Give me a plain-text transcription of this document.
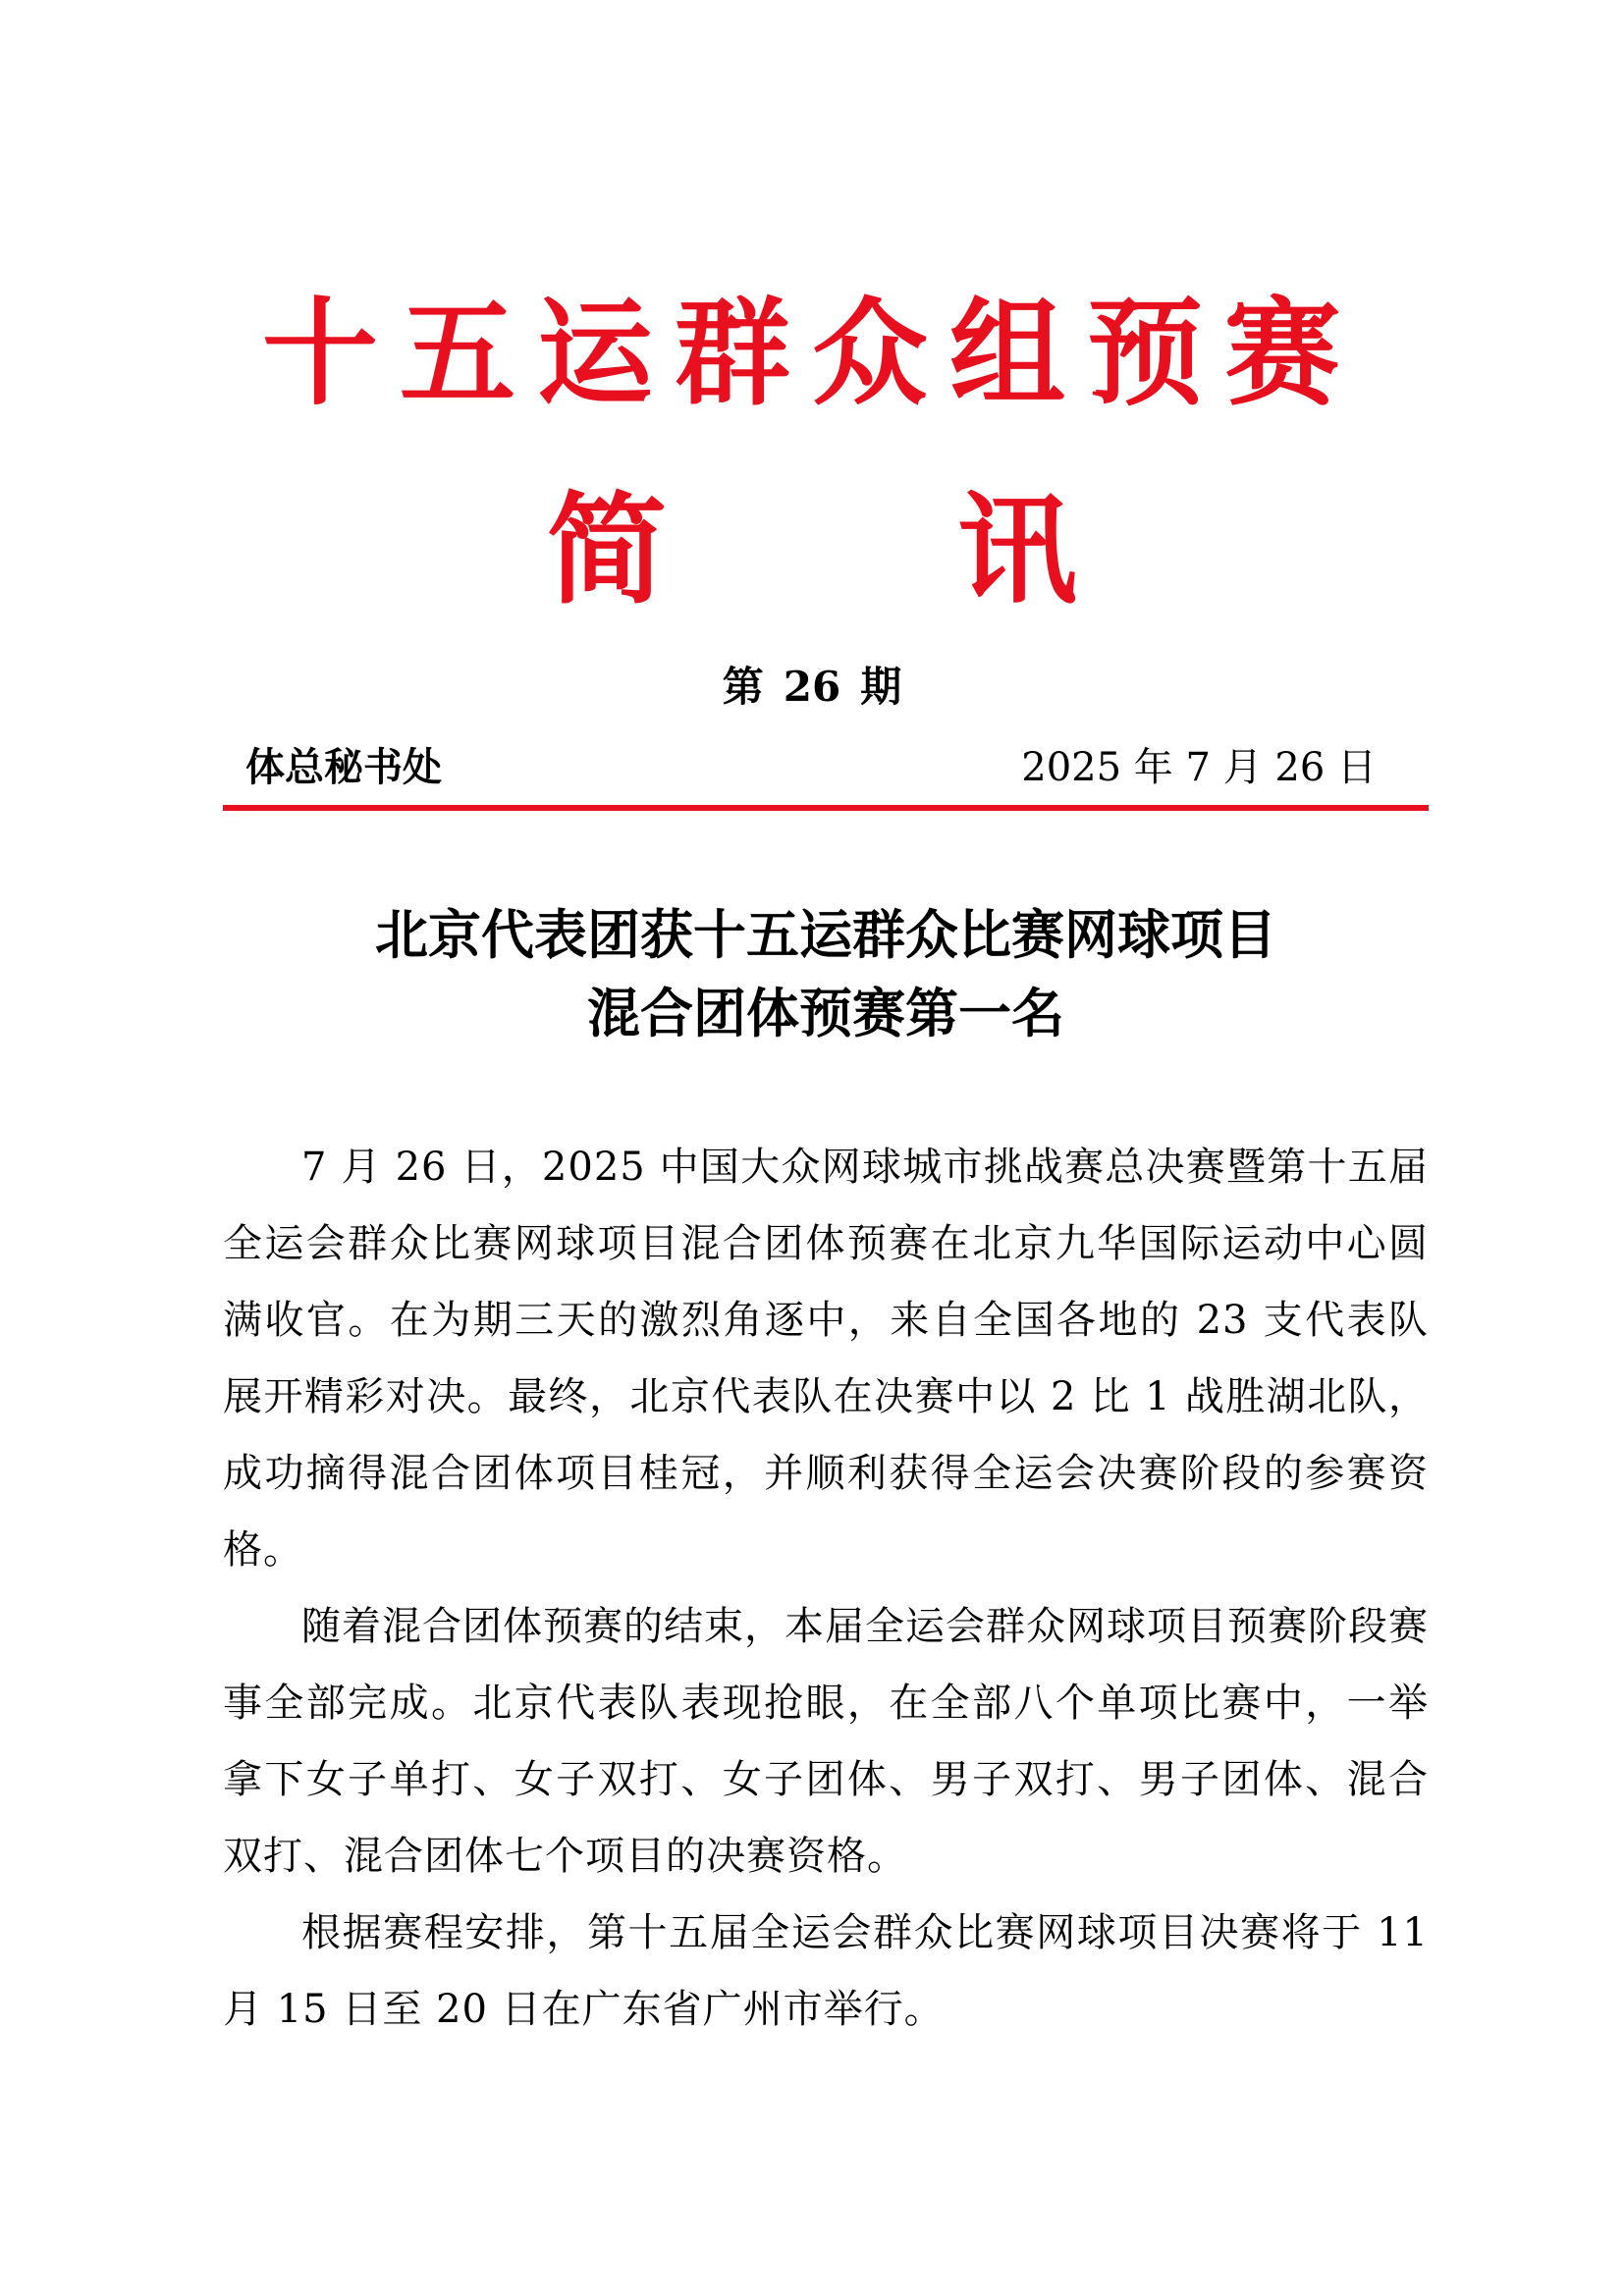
十五运群众组预赛
简 讯
第 26 期
体总秘书处	2025 年 7 月 26 日
北京代表团获十五运群众比赛网球项目
混合团体预赛第一名

7 月 26 日，2025 中国大众网球城市挑战赛总决赛暨第十五届全运会群众比赛网球项目混合团体预赛在北京九华国际运动中心圆满收官。在为期三天的激烈角逐中，来自全国各地的 23 支代表队展开精彩对决。最终，北京代表队在决赛中以 2 比 1 战胜湖北队，成功摘得混合团体项目桂冠，并顺利获得全运会决赛阶段的参赛资格。

随着混合团体预赛的结束，本届全运会群众网球项目预赛阶段赛事全部完成。北京代表队表现抢眼，在全部八个单项比赛中，一举拿下女子单打、女子双打、女子团体、男子双打、男子团体、混合双打、混合团体七个项目的决赛资格。

根据赛程安排，第十五届全运会群众比赛网球项目决赛将于 11 月 15 日至 20 日在广东省广州市举行。
